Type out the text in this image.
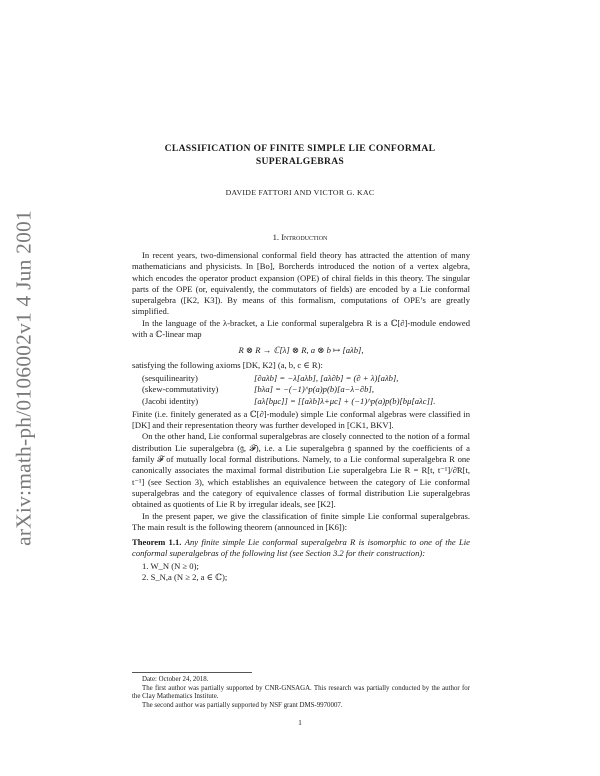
arXiv:math-ph/0106002v1 4 Jun 2001
CLASSIFICATION OF FINITE SIMPLE LIE CONFORMAL
SUPERALGEBRAS
DAVIDE FATTORI AND VICTOR G. KAC
1. Introduction

In recent years, two-dimensional conformal field theory has attracted the attention of many mathematicians and physicists. In [Bo], Borcherds introduced the notion of a vertex algebra, which encodes the operator product expansion (OPE) of chiral fields in this theory. The singular parts of the OPE (or, equivalently, the commutators of fields) are encoded by a Lie conformal superalgebra ([K2, K3]). By means of this formalism, computations of OPE’s are greatly simplified.

In the language of the λ-bracket, a Lie conformal superalgebra R is a ℂ[∂]-module endowed with a ℂ-linear map

R ⊗ R → ℂ[λ] ⊗ R, a ⊗ b ↦ [aλb],

satisfying the following axioms [DK, K2] (a, b, c ∈ R):

(sesquilinearity)	[∂aλb] = −λ[aλb], [aλ∂b] = (∂ + λ)[aλb],
(skew-commutativity)	[bλa] = −(−1)^p(a)p(b)[a−λ−∂b],
(Jacobi identity)	[aλ[bμc]] = [[aλb]λ+μc] + (−1)^p(a)p(b)[bμ[aλc]].

Finite (i.e. finitely generated as a ℂ[∂]-module) simple Lie conformal algebras were classified in [DK] and their representation theory was further developed in [CK1, BKV].

On the other hand, Lie conformal superalgebras are closely connected to the notion of a formal distribution Lie superalgebra (𝔤, 𝓕), i.e. a Lie superalgebra 𝔤 spanned by the coefficients of a family 𝓕 of mutually local formal distributions. Namely, to a Lie conformal superalgebra R one canonically associates the maximal formal distribution Lie superalgebra Lie R = R[t, t⁻¹]/∂̃R[t, t⁻¹] (see Section 3), which establishes an equivalence between the category of Lie conformal superalgebras and the category of equivalence classes of formal distribution Lie superalgebras obtained as quotients of Lie R by irregular ideals, see [K2].

In the present paper, we give the classification of finite simple Lie conformal superalgebras. The main result is the following theorem (announced in [K6]):

Theorem 1.1. Any finite simple Lie conformal superalgebra R is isomorphic to one of the Lie conformal superalgebras of the following list (see Section 3.2 for their construction):
1. W_N (N ≥ 0);
2. S_N,a (N ≥ 2, a ∈ ℂ);
Date: October 24, 2018.
The first author was partially supported by CNR-GNSAGA. This research was partially conducted by the author for the Clay Mathematics Institute.
The second author was partially supported by NSF grant DMS-9970007.
1
